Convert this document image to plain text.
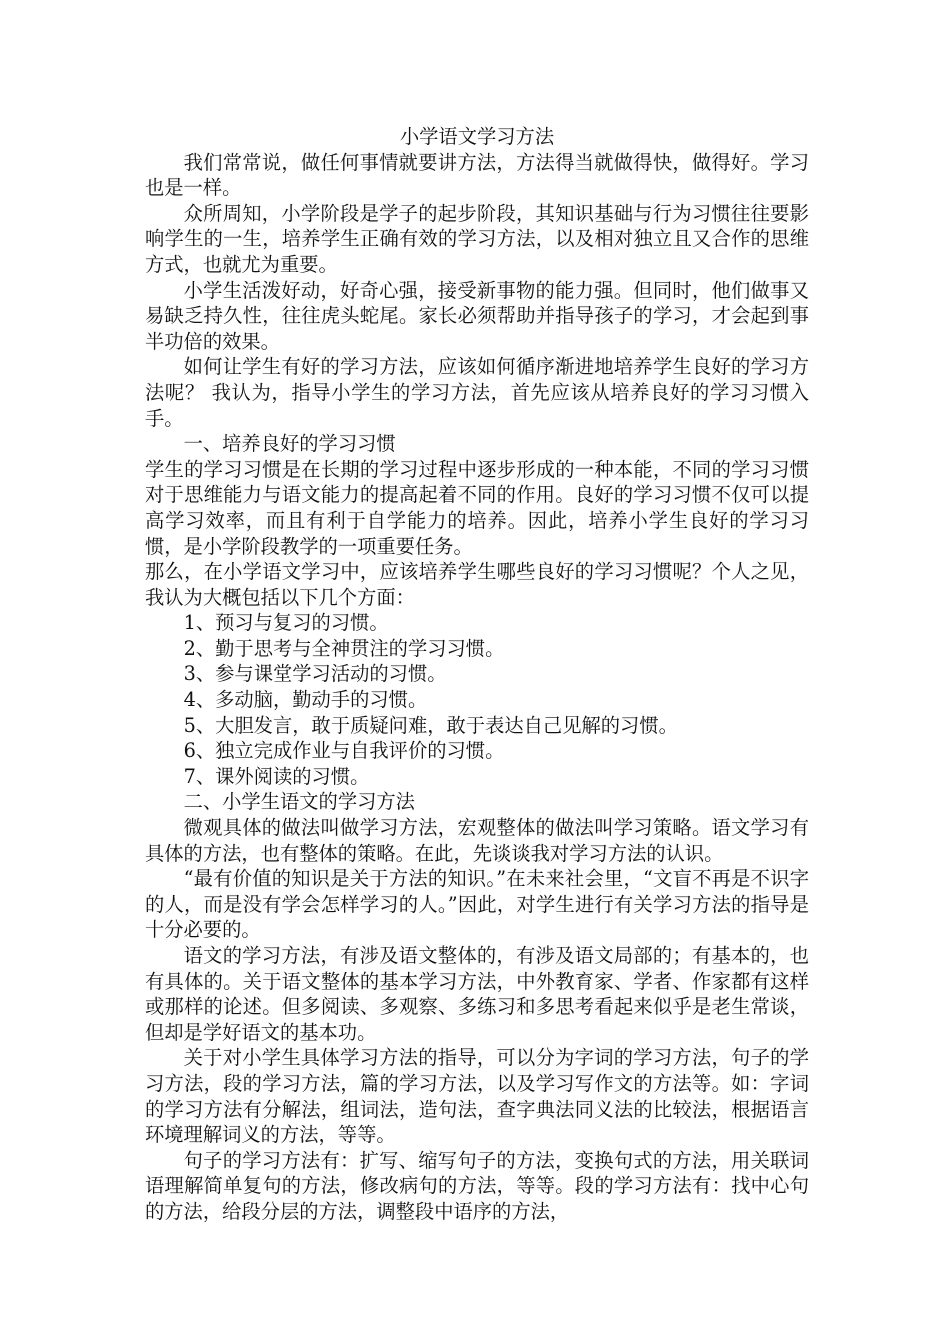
小学语文学习方法

我们常常说，做任何事情就要讲方法，方法得当就做得快，做得好。学习也是一样。

众所周知，小学阶段是学子的起步阶段，其知识基础与行为习惯往往要影响学生的一生，培养学生正确有效的学习方法，以及相对独立且又合作的思维方式，也就尤为重要。

小学生活泼好动，好奇心强，接受新事物的能力强。但同时，他们做事又易缺乏持久性，往往虎头蛇尾。家长必须帮助并指导孩子的学习，才会起到事半功倍的效果。

如何让学生有好的学习方法，应该如何循序渐进地培养学生良好的学习方法呢？ 我认为，指导小学生的学习方法，首先应该从培养良好的学习习惯入手。

一、培养良好的学习习惯

学生的学习习惯是在长期的学习过程中逐步形成的一种本能，不同的学习习惯对于思维能力与语文能力的提高起着不同的作用。良好的学习习惯不仅可以提高学习效率，而且有利于自学能力的培养。因此，培养小学生良好的学习习惯，是小学阶段教学的一项重要任务。

那么，在小学语文学习中，应该培养学生哪些良好的学习习惯呢？个人之见，我认为大概包括以下几个方面：

1、预习与复习的习惯。

2、勤于思考与全神贯注的学习习惯。

3、参与课堂学习活动的习惯。

4、多动脑，勤动手的习惯。

5、大胆发言，敢于质疑问难，敢于表达自己见解的习惯。

6、独立完成作业与自我评价的习惯。

7、课外阅读的习惯。

二、小学生语文的学习方法

微观具体的做法叫做学习方法，宏观整体的做法叫学习策略。语文学习有具体的方法，也有整体的策略。在此，先谈谈我对学习方法的认识。

“最有价值的知识是关于方法的知识。”在未来社会里，“文盲不再是不识字的人，而是没有学会怎样学习的人。”因此，对学生进行有关学习方法的指导是十分必要的。

语文的学习方法，有涉及语文整体的，有涉及语文局部的；有基本的，也有具体的。关于语文整体的基本学习方法，中外教育家、学者、作家都有这样或那样的论述。但多阅读、多观察、多练习和多思考看起来似乎是老生常谈，但却是学好语文的基本功。

关于对小学生具体学习方法的指导，可以分为字词的学习方法，句子的学习方法，段的学习方法，篇的学习方法，以及学习写作文的方法等。如：字词的学习方法有分解法，组词法，造句法，查字典法同义法的比较法，根据语言环境理解词义的方法，等等。

句子的学习方法有：扩写、缩写句子的方法，变换句式的方法，用关联词语理解简单复句的方法，修改病句的方法，等等。段的学习方法有：找中心句的方法，给段分层的方法，调整段中语序的方法，
